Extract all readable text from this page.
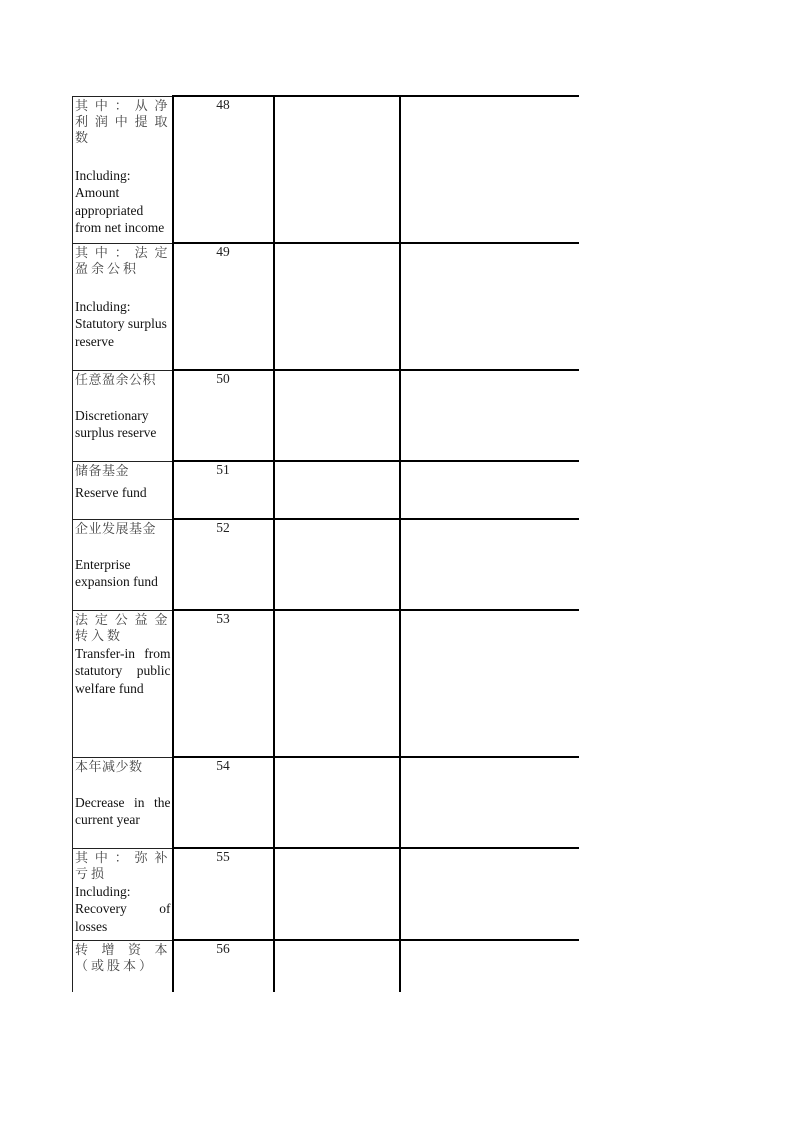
其中：从净利润中提取数
Including: Amount appropriated from net income	48		

其中：法定盈余公积
Including: Statutory surplus reserve	49		

任意盈余公积
Discretionary surplus reserve	50		

储备基金
Reserve fund	51		

企业发展基金
Enterprise expansion fund	52		

法定公益金转入数
Transfer-in from statutory public welfare fund	53		

本年减少数
Decrease in the current year	54		

其中：弥补亏损
Including: Recovery of losses	55		

转增资本（或股本）	56		
